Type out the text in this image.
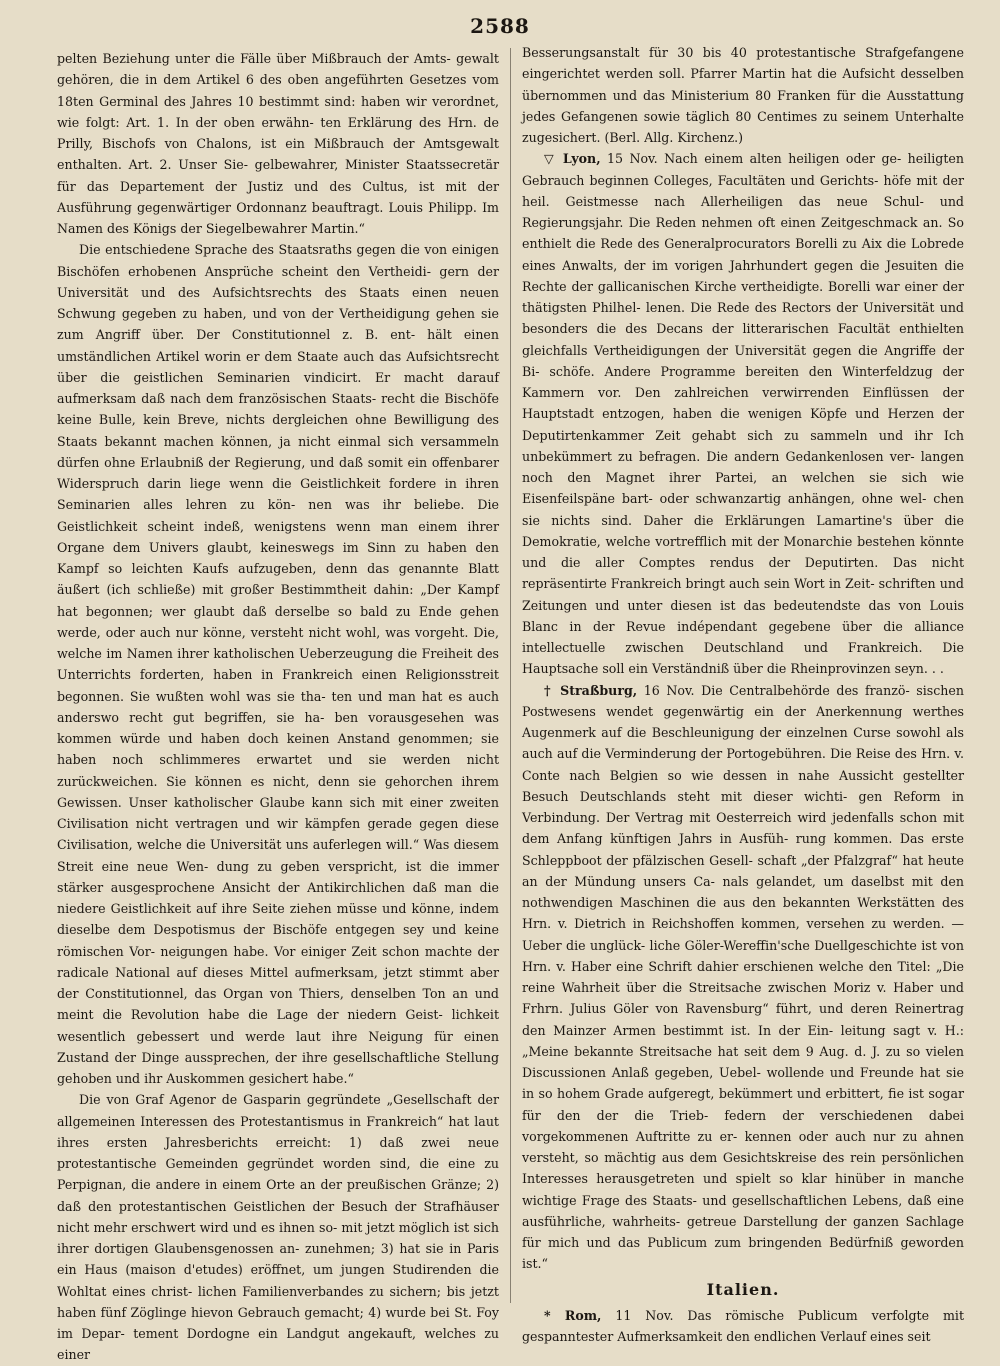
2588

pelten Beziehung unter die Fälle über Mißbrauch der Amts- gewalt gehören, die in dem Artikel 6 des oben angeführten Gesetzes vom 18ten Germinal des Jahres 10 bestimmt sind: haben wir verordnet, wie folgt: Art. 1. In der oben erwähn- ten Erklärung des Hrn. de Prilly, Bischofs von Chalons, ist ein Mißbrauch der Amtsgewalt enthalten. Art. 2. Unser Sie- gelbewahrer, Minister Staatssecretär für das Departement der Justiz und des Cultus, ist mit der Ausführung gegenwärtiger Ordonnanz beauftragt. Louis Philipp. Im Namen des Königs der Siegelbewahrer Martin.“

Die entschiedene Sprache des Staatsraths gegen die von einigen Bischöfen erhobenen Ansprüche scheint den Vertheidi- gern der Universität und des Aufsichtsrechts des Staats einen neuen Schwung gegeben zu haben, und von der Vertheidigung gehen sie zum Angriff über. Der Constitutionnel z. B. ent- hält einen umständlichen Artikel worin er dem Staate auch das Aufsichtsrecht über die geistlichen Seminarien vindicirt. Er macht darauf aufmerksam daß nach dem französischen Staats- recht die Bischöfe keine Bulle, kein Breve, nichts dergleichen ohne Bewilligung des Staats bekannt machen können, ja nicht einmal sich versammeln dürfen ohne Erlaubniß der Regierung, und daß somit ein offenbarer Widerspruch darin liege wenn die Geistlichkeit fordere in ihren Seminarien alles lehren zu kön- nen was ihr beliebe. Die Geistlichkeit scheint indeß, wenigstens wenn man einem ihrer Organe dem Univers glaubt, keineswegs im Sinn zu haben den Kampf so leichten Kaufs aufzugeben, denn das genannte Blatt äußert (ich schließe) mit großer Bestimmtheit dahin: „Der Kampf hat begonnen; wer glaubt daß derselbe so bald zu Ende gehen werde, oder auch nur könne, versteht nicht wohl, was vorgeht. Die, welche im Namen ihrer katholischen Ueberzeugung die Freiheit des Unterrichts forderten, haben in Frankreich einen Religionsstreit begonnen. Sie wußten wohl was sie tha- ten und man hat es auch anderswo recht gut begriffen, sie ha- ben vorausgesehen was kommen würde und haben doch keinen Anstand genommen; sie haben noch schlimmeres erwartet und sie werden nicht zurückweichen. Sie können es nicht, denn sie gehorchen ihrem Gewissen. Unser katholischer Glaube kann sich mit einer zweiten Civilisation nicht vertragen und wir kämpfen gerade gegen diese Civilisation, welche die Universität uns auferlegen will.“ Was diesem Streit eine neue Wen- dung zu geben verspricht, ist die immer stärker ausgesprochene Ansicht der Antikirchlichen daß man die niedere Geistlichkeit auf ihre Seite ziehen müsse und könne, indem dieselbe dem Despotismus der Bischöfe entgegen sey und keine römischen Vor- neigungen habe. Vor einiger Zeit schon machte der radicale National auf dieses Mittel aufmerksam, jetzt stimmt aber der Constitutionnel, das Organ von Thiers, denselben Ton an und meint die Revolution habe die Lage der niedern Geist- lichkeit wesentlich gebessert und werde laut ihre Neigung für einen Zustand der Dinge aussprechen, der ihre gesellschaftliche Stellung gehoben und ihr Auskommen gesichert habe.“

Die von Graf Agenor de Gasparin gegründete „Gesellschaft der allgemeinen Interessen des Protestantismus in Frankreich“ hat laut ihres ersten Jahresberichts erreicht: 1) daß zwei neue protestantische Gemeinden gegründet worden sind, die eine zu Perpignan, die andere in einem Orte an der preußischen Gränze; 2) daß den protestantischen Geistlichen der Besuch der Strafhäuser nicht mehr erschwert wird und es ihnen so- mit jetzt möglich ist sich ihrer dortigen Glaubensgenossen an- zunehmen; 3) hat sie in Paris ein Haus (maison d'etudes) eröffnet, um jungen Studirenden die Wohltat eines christ- lichen Familienverbandes zu sichern; bis jetzt haben fünf Zöglinge hievon Gebrauch gemacht; 4) wurde bei St. Foy im Depar- tement Dordogne ein Landgut angekauft, welches zu einer

Besserungsanstalt für 30 bis 40 protestantische Strafgefangene eingerichtet werden soll. Pfarrer Martin hat die Aufsicht desselben übernommen und das Ministerium 80 Franken für die Ausstattung jedes Gefangenen sowie täglich 80 Centimes zu seinem Unterhalte zugesichert. (Berl. Allg. Kirchenz.)

▽ Lyon, 15 Nov. Nach einem alten heiligen oder ge- heiligten Gebrauch beginnen Colleges, Facultäten und Gerichts- höfe mit der heil. Geistmesse nach Allerheiligen das neue Schul- und Regierungsjahr. Die Reden nehmen oft einen Zeitgeschmack an. So enthielt die Rede des Generalprocurators Borelli zu Aix die Lobrede eines Anwalts, der im vorigen Jahrhundert gegen die Jesuiten die Rechte der gallicanischen Kirche vertheidigte. Borelli war einer der thätigsten Philhel- lenen. Die Rede des Rectors der Universität und besonders die des Decans der litterarischen Facultät enthielten gleichfalls Vertheidigungen der Universität gegen die Angriffe der Bi- schöfe. Andere Programme bereiten den Winterfeldzug der Kammern vor. Den zahlreichen verwirrenden Einflüssen der Hauptstadt entzogen, haben die wenigen Köpfe und Herzen der Deputirtenkammer Zeit gehabt sich zu sammeln und ihr Ich unbekümmert zu befragen. Die andern Gedankenlosen ver- langen noch den Magnet ihrer Partei, an welchen sie sich wie Eisenfeilspäne bart- oder schwanzartig anhängen, ohne wel- chen sie nichts sind. Daher die Erklärungen Lamartine's über die Demokratie, welche vortrefflich mit der Monarchie bestehen könnte und die aller Comptes rendus der Deputirten. Das nicht repräsentirte Frankreich bringt auch sein Wort in Zeit- schriften und Zeitungen und unter diesen ist das bedeutendste das von Louis Blanc in der Revue indépendant gegebene über die alliance intellectuelle zwischen Deutschland und Frankreich. Die Hauptsache soll ein Verständniß über die Rheinprovinzen seyn. . .

† Straßburg, 16 Nov. Die Centralbehörde des franzö- sischen Postwesens wendet gegenwärtig ein der Anerkennung werthes Augenmerk auf die Beschleunigung der einzelnen Curse sowohl als auch auf die Verminderung der Portogebühren. Die Reise des Hrn. v. Conte nach Belgien so wie dessen in nahe Aussicht gestellter Besuch Deutschlands steht mit dieser wichti- gen Reform in Verbindung. Der Vertrag mit Oesterreich wird jedenfalls schon mit dem Anfang künftigen Jahrs in Ausfüh- rung kommen. Das erste Schleppboot der pfälzischen Gesell- schaft „der Pfalzgraf“ hat heute an der Mündung unsers Ca- nals gelandet, um daselbst mit den nothwendigen Maschinen die aus den bekannten Werkstätten des Hrn. v. Dietrich in Reichshoffen kommen, versehen zu werden. — Ueber die unglück- liche Göler-Wereffin'sche Duellgeschichte ist von Hrn. v. Haber eine Schrift dahier erschienen welche den Titel: „Die reine Wahrheit über die Streitsache zwischen Moriz v. Haber und Frhrn. Julius Göler von Ravensburg“ führt, und deren Reinertrag den Mainzer Armen bestimmt ist. In der Ein- leitung sagt v. H.: „Meine bekannte Streitsache hat seit dem 9 Aug. d. J. zu so vielen Discussionen Anlaß gegeben, Uebel- wollende und Freunde hat sie in so hohem Grade aufgeregt, bekümmert und erbittert, fie ist sogar für den der die Trieb- federn der verschiedenen dabei vorgekommenen Auftritte zu er- kennen oder auch nur zu ahnen versteht, so mächtig aus dem Gesichtskreise des rein persönlichen Interesses herausgetreten und spielt so klar hinüber in manche wichtige Frage des Staats- und gesellschaftlichen Lebens, daß eine ausführliche, wahrheits- getreue Darstellung der ganzen Sachlage für mich und das Publicum zum bringenden Bedürfniß geworden ist.“

Italien.

* Rom, 11 Nov. Das römische Publicum verfolgte mit gespanntester Aufmerksamkeit den endlichen Verlauf eines seit
